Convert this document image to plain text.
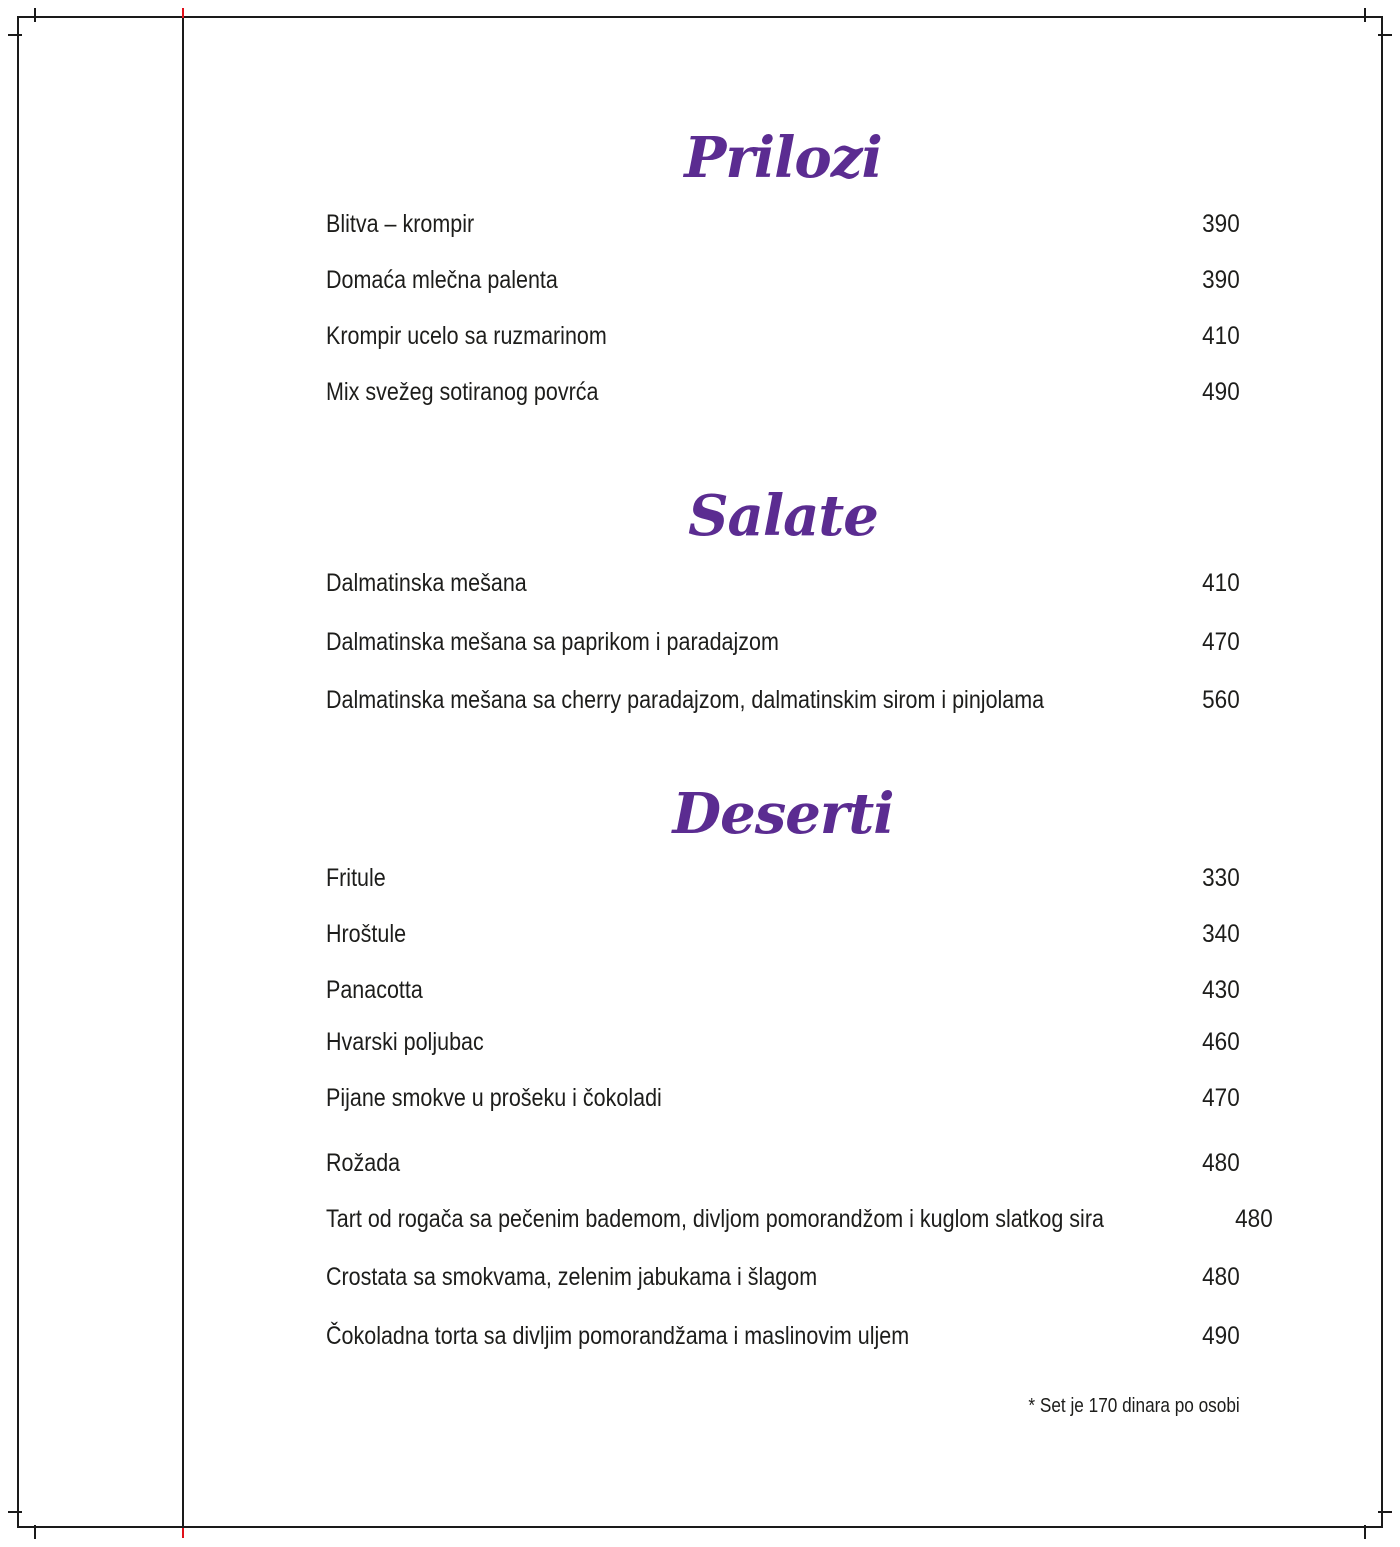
Prilozi
Blitva – krompir	390
Domaća mlečna palenta	390
Krompir ucelo sa ruzmarinom	410
Mix svežeg sotiranog povrća	490
Salate
Dalmatinska mešana	410
Dalmatinska mešana sa paprikom i paradajzom	470
Dalmatinska mešana sa cherry paradajzom, dalmatinskim sirom i pinjolama	560
Deserti
Fritule	330
Hroštule	340
Panacotta	430
Hvarski poljubac	460
Pijane smokve u prošeku i čokoladi	470
Rožada	480
Tart od rogača sa pečenim bademom, divljom pomorandžom i kuglom slatkog sira	480
Crostata sa smokvama, zelenim jabukama i šlagom	480
Čokoladna torta sa divljim pomorandžama i maslinovim uljem	490
* Set je 170 dinara po osobi
